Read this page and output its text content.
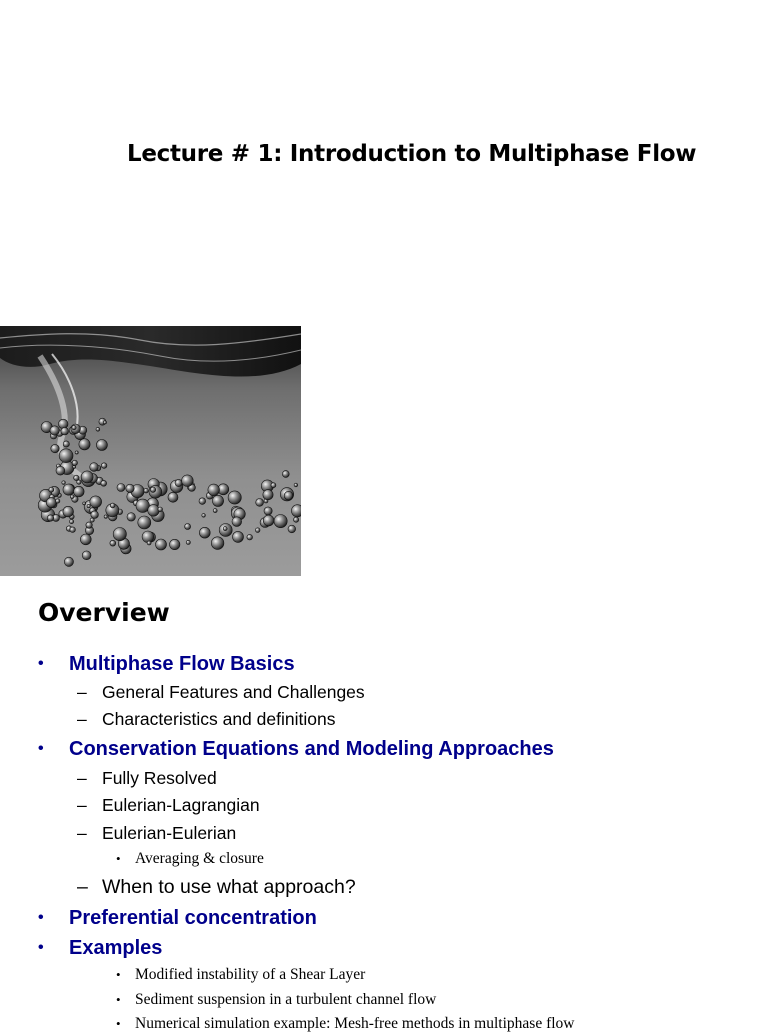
Lecture # 1: Introduction to Multiphase Flow
Overview
• Multiphase Flow Basics
– General Features and Challenges
– Characteristics and definitions
• Conservation Equations and Modeling Approaches
– Fully Resolved
– Eulerian-Lagrangian
– Eulerian-Eulerian
• Averaging & closure
– When to use what approach?
• Preferential concentration
• Examples
• Modified instability of a Shear Layer
• Sediment suspension in a turbulent channel flow
• Numerical simulation example: Mesh-free methods in multiphase flow
